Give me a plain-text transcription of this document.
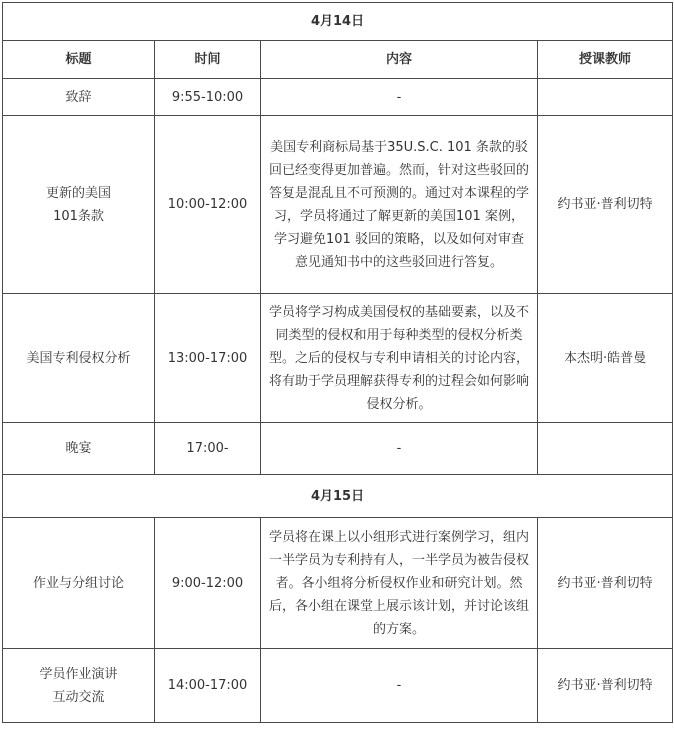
4月14日			
标题	时间	内容	授课教师

致辞	9:55-10:00	-	

更新的美国
101条款	10:00-12:00	美国专利商标局基于35U.S.C. 101 条款的驳回已经变得更加普遍。然而，针对这些驳回的答复是混乱且不可预测的。通过对本课程的学习，学员将通过了解更新的美国101 案例，学习避免101 驳回的策略，以及如何对审查意见通知书中的这些驳回进行答复。	约书亚·普利切特

美国专利侵权分析	13:00-17:00	学员将学习构成美国侵权的基础要素，以及不同类型的侵权和用于每种类型的侵权分析类型。之后的侵权与专利申请相关的讨论内容，将有助于学员理解获得专利的过程会如何影响侵权分析。	本杰明·皓普曼

晚宴	17:00-	-	
4月15日			

作业与分组讨论	9:00-12:00	学员将在课上以小组形式进行案例学习，组内一半学员为专利持有人，一半学员为被告侵权者。各小组将分析侵权作业和研究计划。然后，各小组在课堂上展示该计划，并讨论该组的方案。	约书亚·普利切特

学员作业演讲
互动交流	14:00-17:00	-	约书亚·普利切特
